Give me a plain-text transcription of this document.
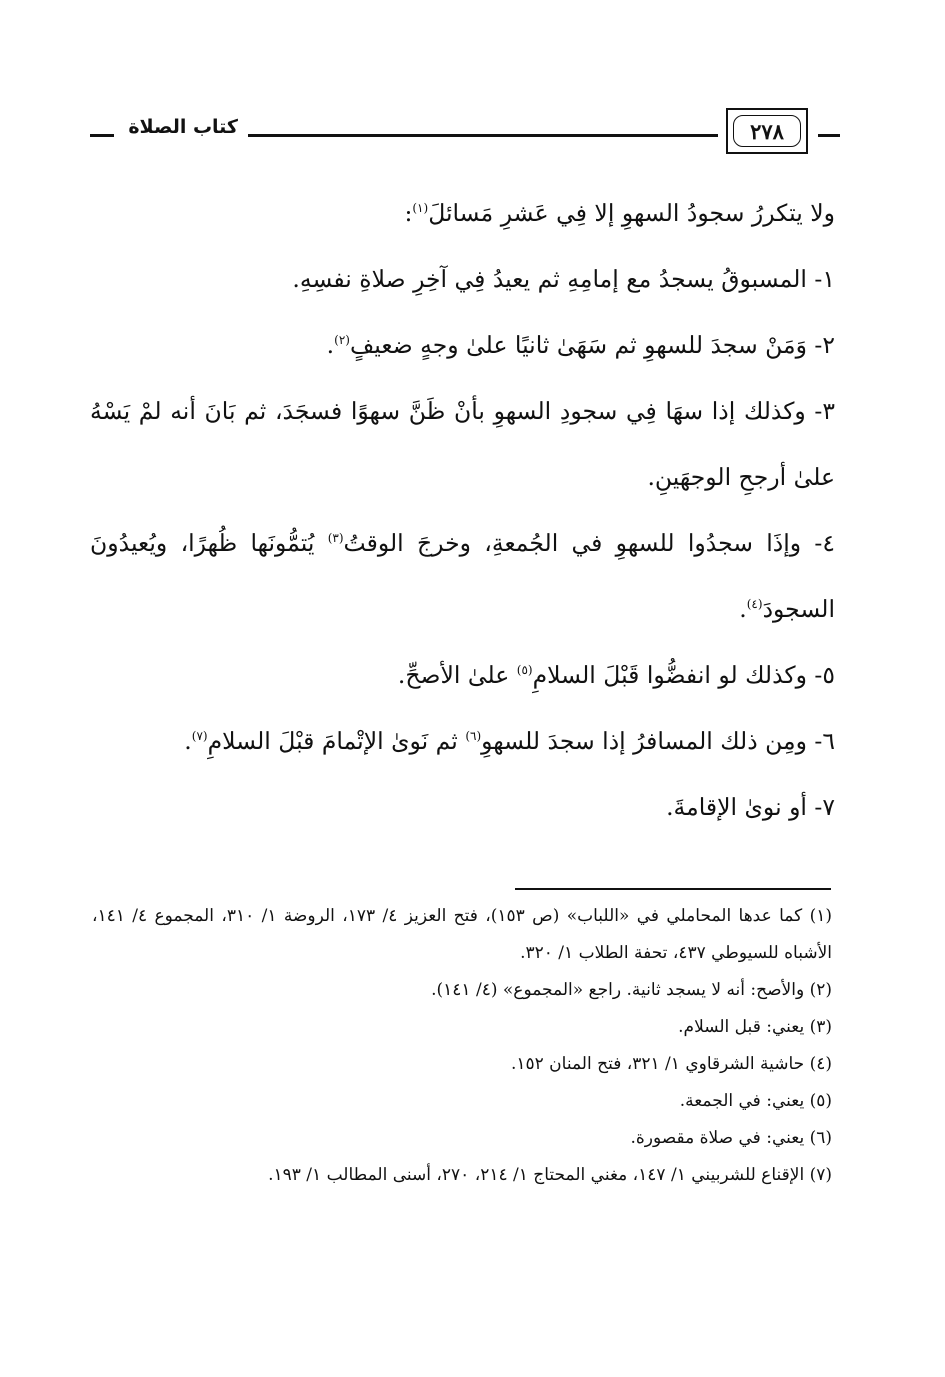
كتاب الصلاة	٢٧٨

ولا يتكررُ سجودُ السهوِ إلا فِي عَشرِ مَسائلَ$^{(١)}$:

١- المسبوقُ يسجدُ مع إمامِهِ ثم يعيدُ فِي آخِرِ صلاةِ نفسِهِ.

٢- وَمَنْ سجدَ للسهوِ ثم سَهَىٰ ثانيًا علىٰ وجهٍ ضعيفٍ$^{(٢)}$.

٣- وكذلك إذا سهَا فِي سجودِ السهوِ بأنْ ظَنَّ سهوًا فسجَدَ، ثم بَانَ أنه لمْ يَسْهُ علىٰ أرجحِ الوجهَينِ.

٤- وإذَا سجدُوا للسهوِ في الجُمعةِ، وخرجَ الوقتُ$^{(٣)}$ يُتمُّونَها ظُهرًا، ويُعيدُونَ السجودَ$^{(٤)}$.

٥- وكذلك لو انفضُّوا قَبْلَ السلامِ$^{(٥)}$ علىٰ الأصحِّ.

٦- ومِن ذلك المسافرُ إذا سجدَ للسهوِ$^{(٦)}$ ثم نَوىٰ الإتْمامَ قبْلَ السلامِ$^{(٧)}$.

٧- أو نوىٰ الإقامةَ.

(١) كما عدها المحاملي في «اللباب» (ص ١٥٣)، فتح العزيز ٤/ ١٧٣، الروضة ١/ ٣١٠، المجموع ٤/ ١٤١، الأشباه للسيوطي ٤٣٧، تحفة الطلاب ١/ ٣٢٠.

(٢) والأصح: أنه لا يسجد ثانية. راجع «المجموع» (٤/ ١٤١).

(٣) يعني: قبل السلام.

(٤) حاشية الشرقاوي ١/ ٣٢١، فتح المنان ١٥٢.

(٥) يعني: في الجمعة.

(٦) يعني: في صلاة مقصورة.

(٧) الإقناع للشربيني ١/ ١٤٧، مغني المحتاج ١/ ٢١٤، ٢٧٠، أسنى المطالب ١/ ١٩٣.
